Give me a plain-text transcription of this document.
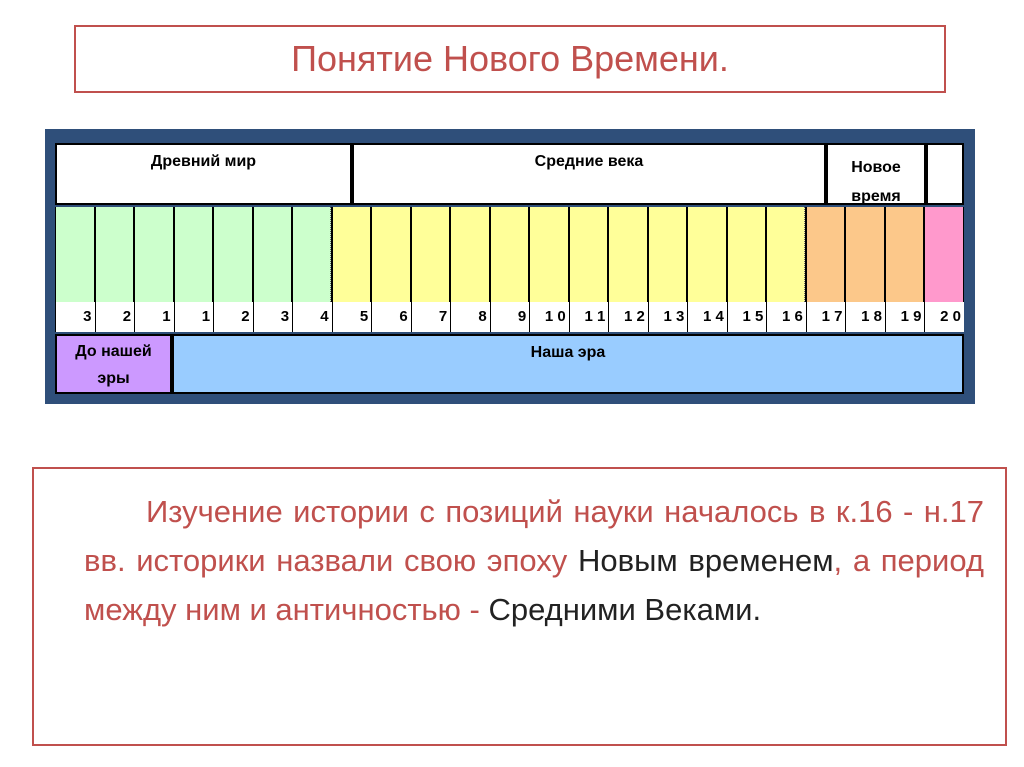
Понятие Нового Времени.
Древний мир	Средние века	Новое время
3	2	1	1	2	3	4	5	6	7	8	9	1 0	1 1	1 2	1 3	1 4	1 5	1 6	1 7	1 8	1 9	2 0
До нашей эры
Наша эра

Изучение истории с позиций науки началось в к.16 - н.17 вв. историки назвали свою эпоху Новым временем, а период между ним и античностью - Средними Веками.
